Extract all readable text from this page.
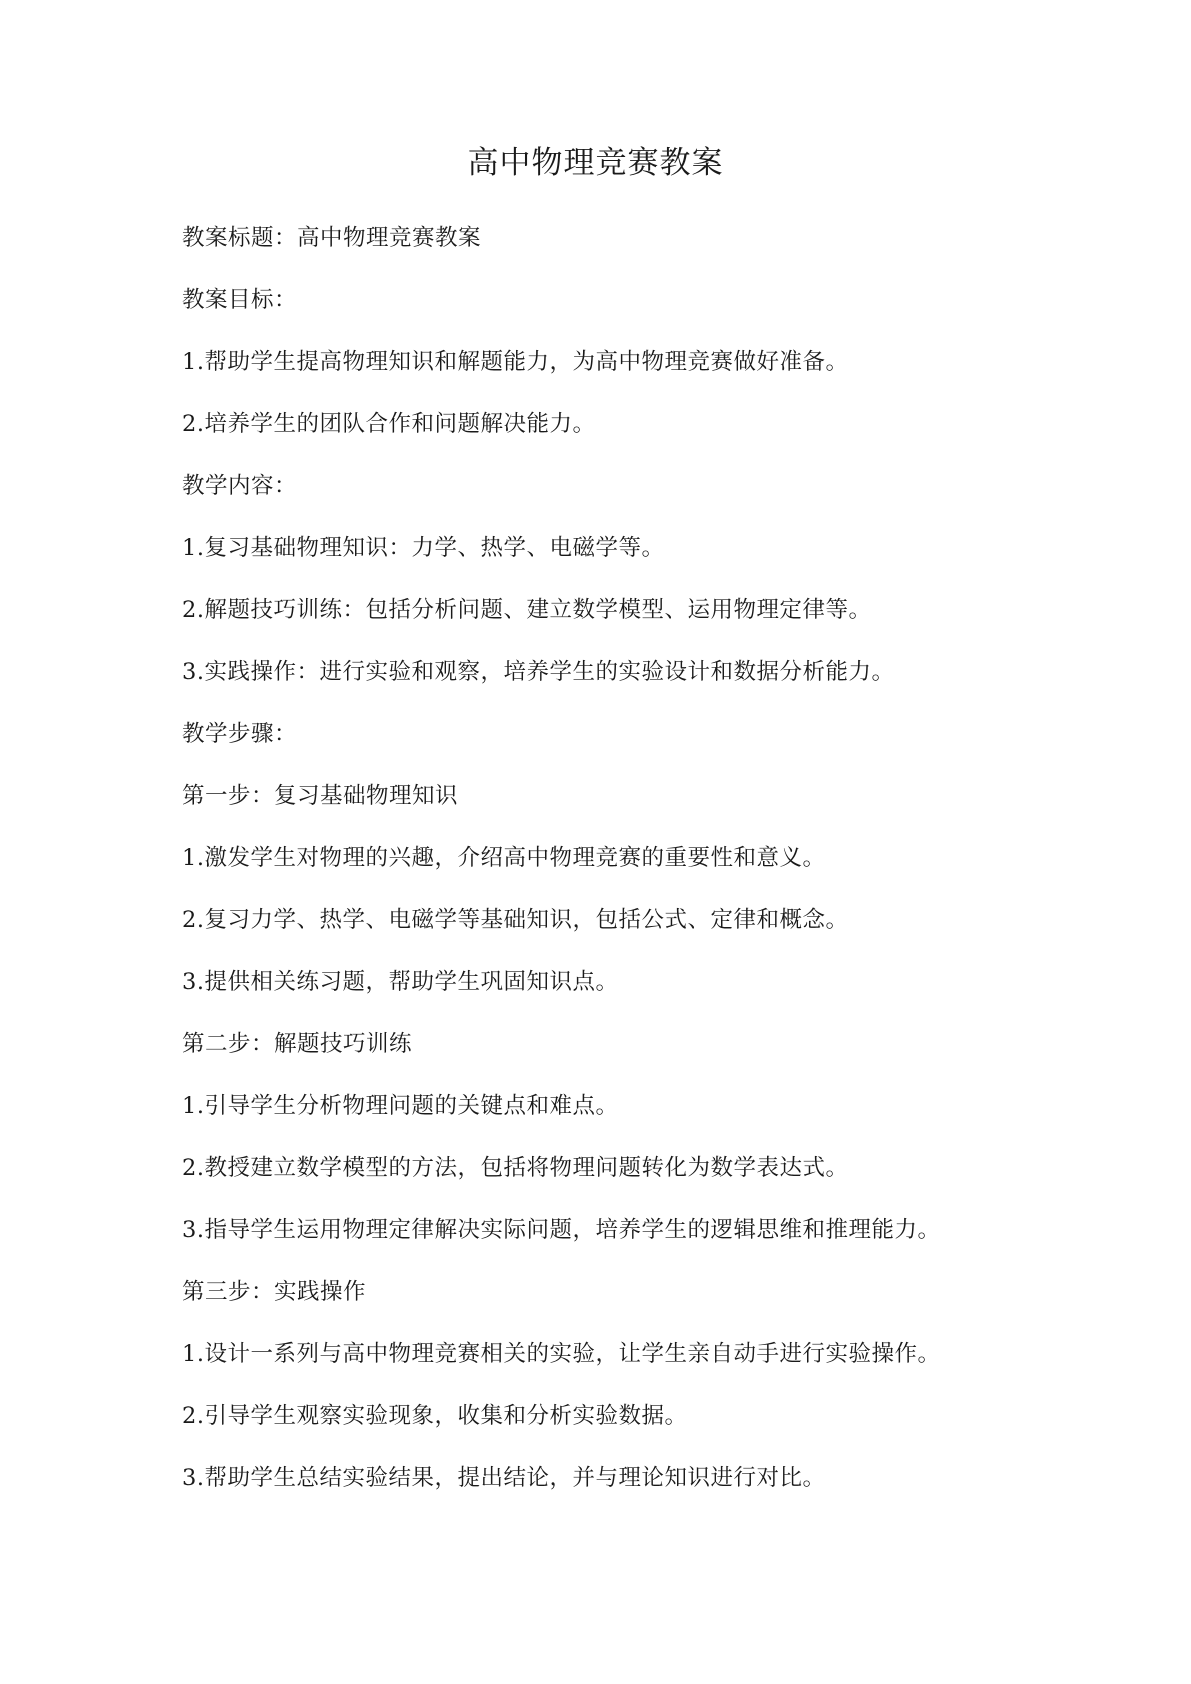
高中物理竞赛教案
教案标题：高中物理竞赛教案
教案目标：
1.帮助学生提高物理知识和解题能力，为高中物理竞赛做好准备。
2.培养学生的团队合作和问题解决能力。
教学内容：
1.复习基础物理知识：力学、热学、电磁学等。
2.解题技巧训练：包括分析问题、建立数学模型、运用物理定律等。
3.实践操作：进行实验和观察，培养学生的实验设计和数据分析能力。
教学步骤：
第一步：复习基础物理知识
1.激发学生对物理的兴趣，介绍高中物理竞赛的重要性和意义。
2.复习力学、热学、电磁学等基础知识，包括公式、定律和概念。
3.提供相关练习题，帮助学生巩固知识点。
第二步：解题技巧训练
1.引导学生分析物理问题的关键点和难点。
2.教授建立数学模型的方法，包括将物理问题转化为数学表达式。
3.指导学生运用物理定律解决实际问题，培养学生的逻辑思维和推理能力。
第三步：实践操作
1.设计一系列与高中物理竞赛相关的实验，让学生亲自动手进行实验操作。
2.引导学生观察实验现象，收集和分析实验数据。
3.帮助学生总结实验结果，提出结论，并与理论知识进行对比。
